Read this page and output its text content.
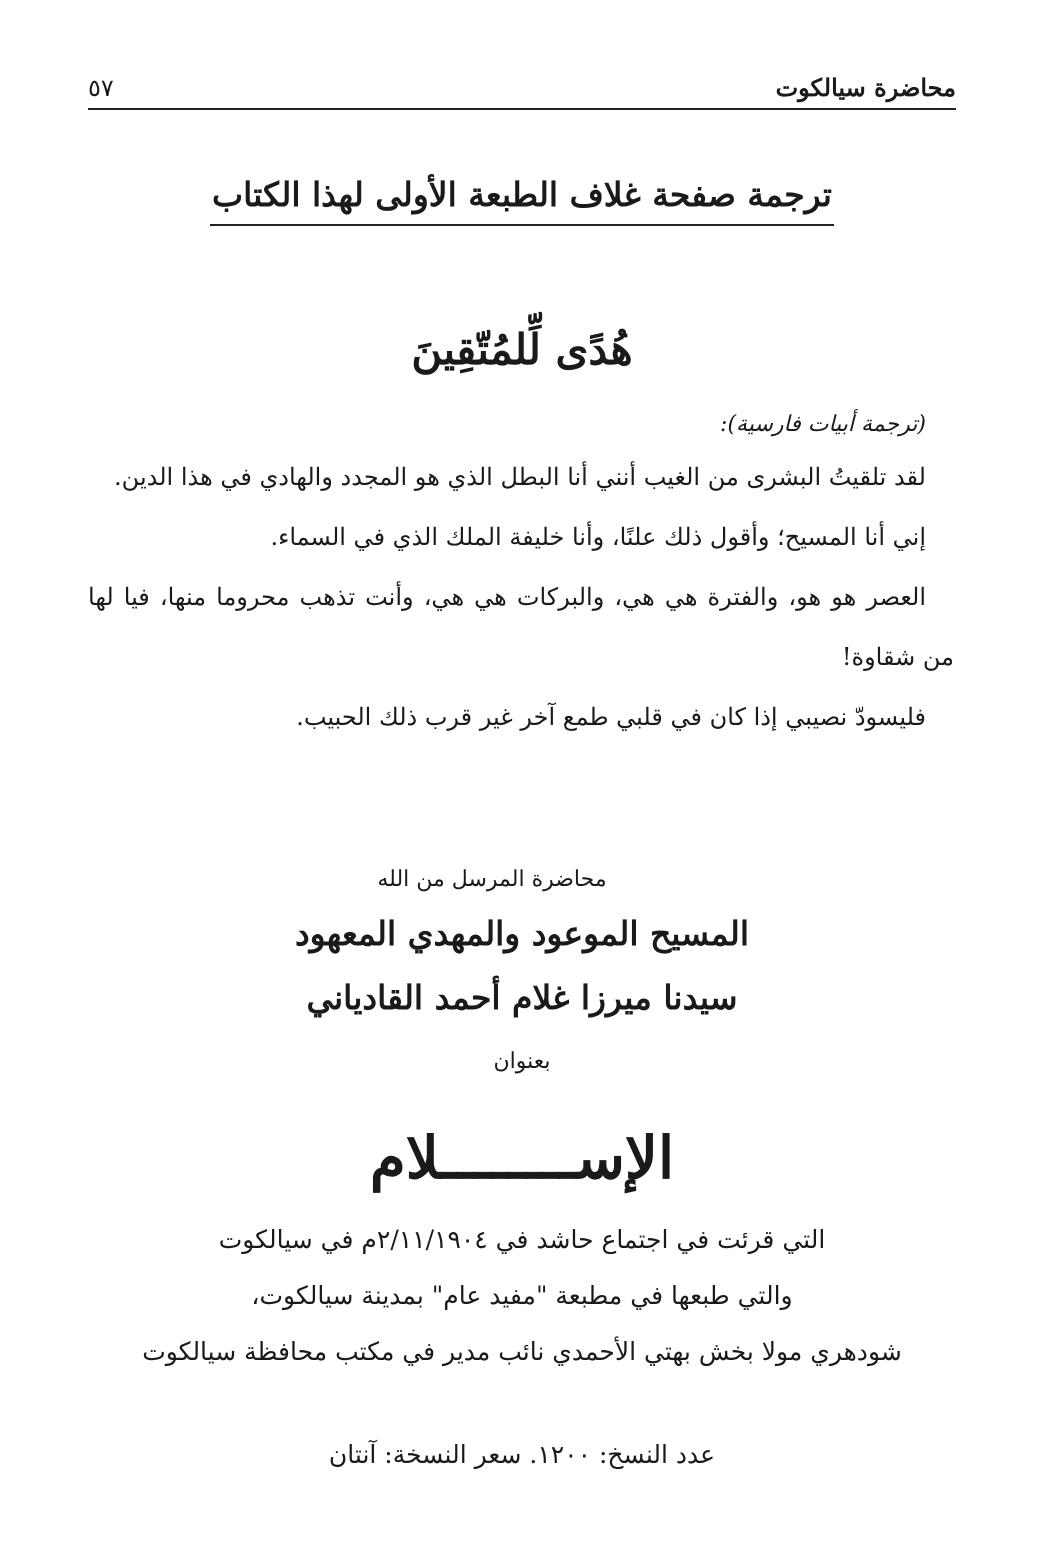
محاضرة سيالكوت
٥٧
ترجمة صفحة غلاف الطبعة الأولى لهذا الكتاب
هُدًى لِّلمُتّقِينَ
(ترجمة أبيات فارسية):
لقد تلقيتُ البشرى من الغيب أنني أنا البطل الذي هو المجدد والهادي في هذا الدين.
إني أنا المسيح؛ وأقول ذلك علنًا، وأنا خليفة الملك الذي في السماء.
العصر هو هو، والفترة هي هي، والبركات هي هي، وأنت تذهب محروما منها، فيا لها من شقاوة!
فليسودّ نصيبي إذا كان في قلبي طمع آخر غير قرب ذلك الحبيب.
محاضرة المرسل من الله
المسيح الموعود والمهدي المعهود
سيدنا ميرزا غلام أحمد القادياني
بعنوان
الإســــــــلام
التي قرئت في اجتماع حاشد في ٢/١١/١٩٠٤م في سيالكوت
والتي طبعها في مطبعة "مفيد عام" بمدينة سيالكوت،
شودهري مولا بخش بهتي الأحمدي نائب مدير في مكتب محافظة سيالكوت
عدد النسخ: ١٢٠٠. سعر النسخة: آنتان
